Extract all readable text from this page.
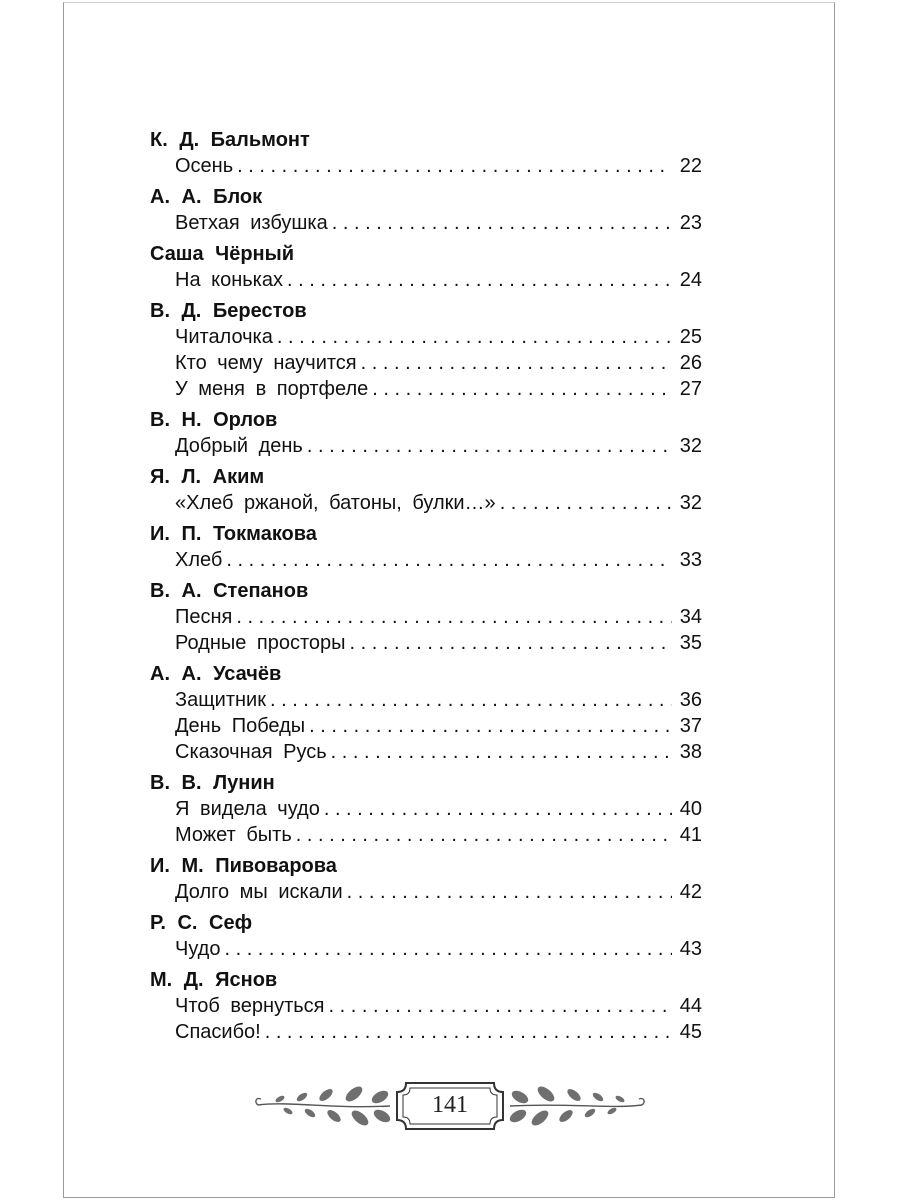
К. Д. Бальмонт
Осень . . .	22
А. А. Блок
Ветхая избушка . . .	23
Саша Чёрный
На коньках . . .	24
В. Д. Берестов
Читалочка . . .	25
Кто чему научится . . .	26
У меня в портфеле . . .	27
В. Н. Орлов
Добрый день . . .	32
Я. Л. Аким
«Хлеб ржаной, батоны, булки…» . . .	32
И. П. Токмакова
Хлеб . . .	33
В. А. Степанов
Песня . . .	34
Родные просторы . . .	35
А. А. Усачёв
Защитник . . .	36
День Победы . . .	37
Сказочная Русь . . .	38
В. В. Лунин
Я видела чудо . . .	40
Может быть . . .	41
И. М. Пивоварова
Долго мы искали . . .	42
Р. С. Сеф
Чудо . . .	43
М. Д. Яснов
Чтоб вернуться . . .	44
Спасибо! . . .	45
141
